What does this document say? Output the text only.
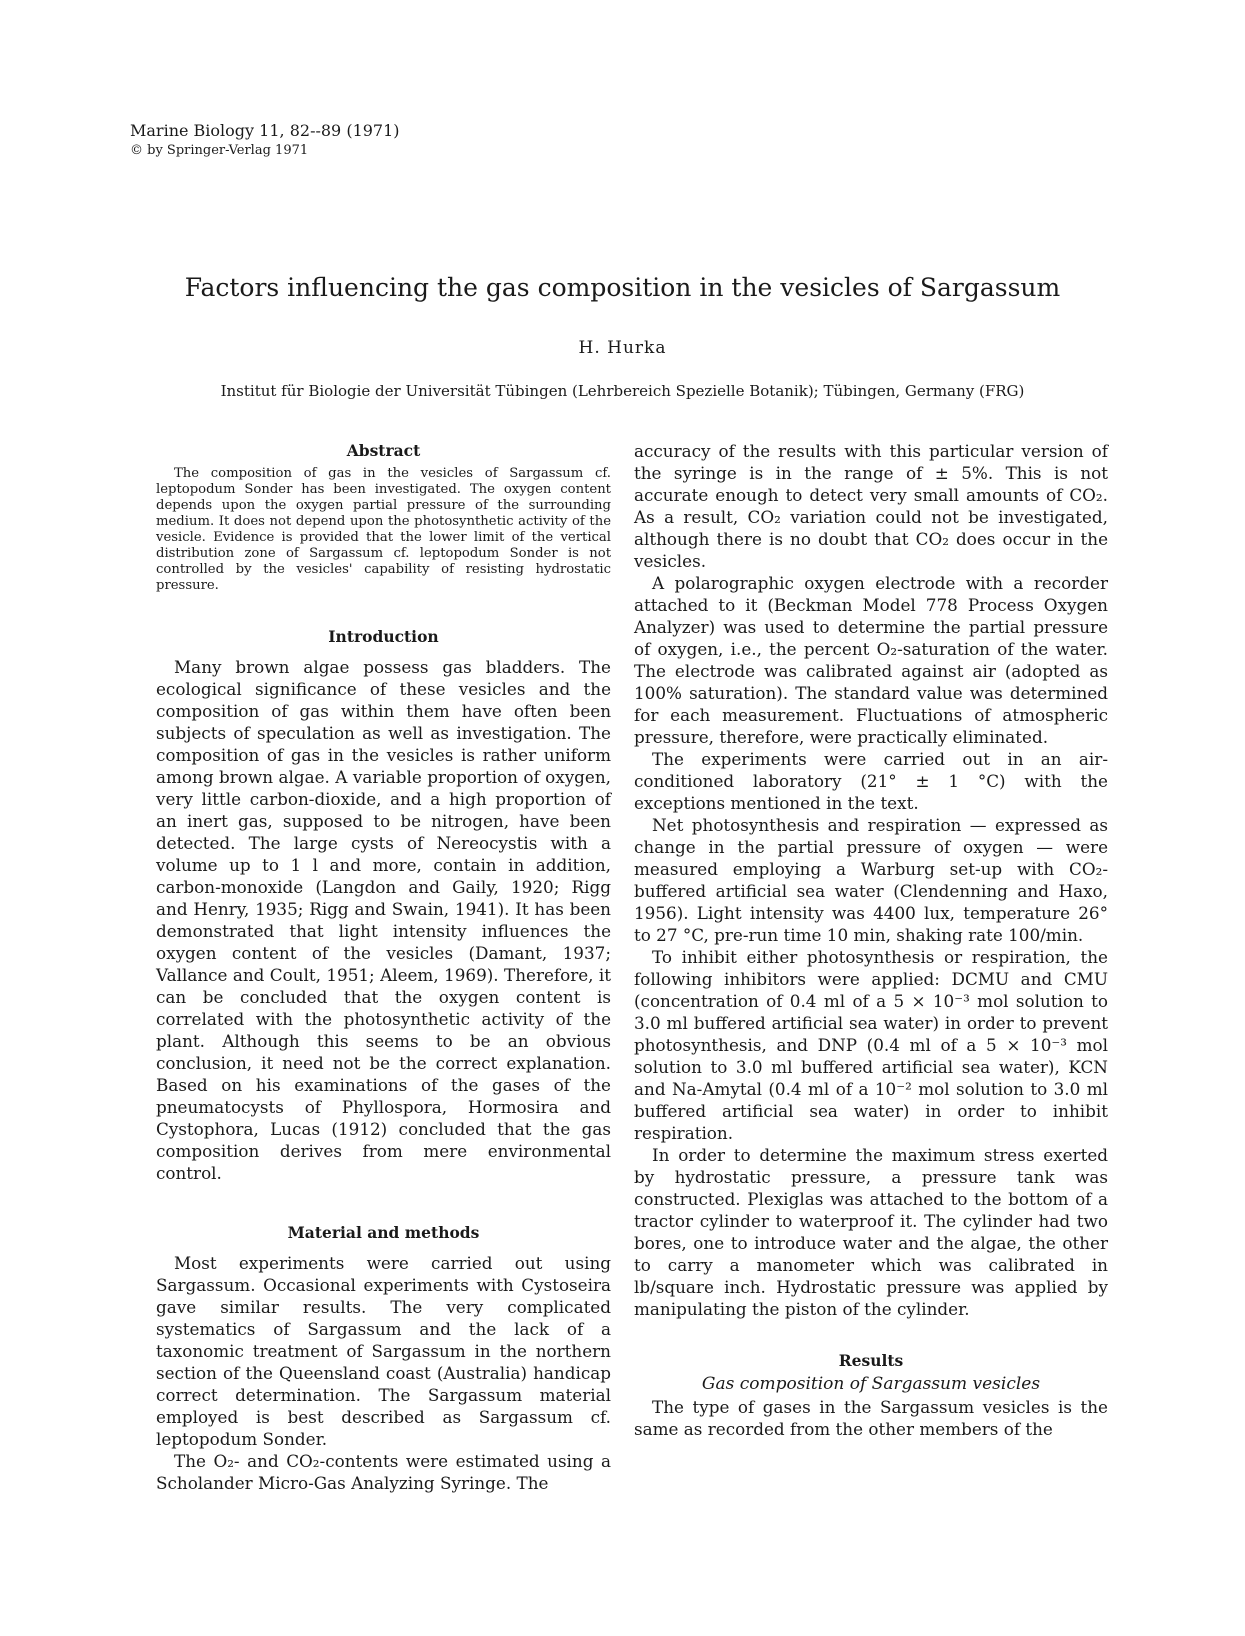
Marine Biology 11, 82--89 (1971)
© by Springer-Verlag 1971
Factors influencing the gas composition in the vesicles of Sargassum
H. Hurka
Institut für Biologie der Universität Tübingen (Lehrbereich Spezielle Botanik); Tübingen, Germany (FRG)
Abstract

The composition of gas in the vesicles of Sargassum cf. leptopodum Sonder has been investigated. The oxygen content depends upon the oxygen partial pressure of the surrounding medium. It does not depend upon the photosynthetic activity of the vesicle. Evidence is provided that the lower limit of the vertical distribution zone of Sargassum cf. leptopodum Sonder is not controlled by the vesicles' capability of resisting hydrostatic pressure.

Introduction

Many brown algae possess gas bladders. The ecological significance of these vesicles and the composition of gas within them have often been subjects of speculation as well as investigation. The composition of gas in the vesicles is rather uniform among brown algae. A variable proportion of oxygen, very little carbon-dioxide, and a high proportion of an inert gas, supposed to be nitrogen, have been detected. The large cysts of Nereocystis with a volume up to 1 l and more, contain in addition, carbon-monoxide (Langdon and Gaily, 1920; Rigg and Henry, 1935; Rigg and Swain, 1941). It has been demonstrated that light intensity influences the oxygen content of the vesicles (Damant, 1937; Vallance and Coult, 1951; Aleem, 1969). Therefore, it can be concluded that the oxygen content is correlated with the photosynthetic activity of the plant. Although this seems to be an obvious conclusion, it need not be the correct explanation. Based on his examinations of the gases of the pneumatocysts of Phyllospora, Hormosira and Cystophora, Lucas (1912) concluded that the gas composition derives from mere environmental control.

Material and methods

Most experiments were carried out using Sargassum. Occasional experiments with Cystoseira gave similar results. The very complicated systematics of Sargassum and the lack of a taxonomic treatment of Sargassum in the northern section of the Queensland coast (Australia) handicap correct determination. The Sargassum material employed is best described as Sargassum cf. leptopodum Sonder.

The O₂- and CO₂-contents were estimated using a Scholander Micro-Gas Analyzing Syringe. The

accuracy of the results with this particular version of the syringe is in the range of ± 5%. This is not accurate enough to detect very small amounts of CO₂. As a result, CO₂ variation could not be investigated, although there is no doubt that CO₂ does occur in the vesicles.

A polarographic oxygen electrode with a recorder attached to it (Beckman Model 778 Process Oxygen Analyzer) was used to determine the partial pressure of oxygen, i.e., the percent O₂-saturation of the water. The electrode was calibrated against air (adopted as 100% saturation). The standard value was determined for each measurement. Fluctuations of atmospheric pressure, therefore, were practically eliminated.

The experiments were carried out in an air-conditioned laboratory (21° ± 1 °C) with the exceptions mentioned in the text.

Net photosynthesis and respiration — expressed as change in the partial pressure of oxygen — were measured employing a Warburg set-up with CO₂-buffered artificial sea water (Clendenning and Haxo, 1956). Light intensity was 4400 lux, temperature 26° to 27 °C, pre-run time 10 min, shaking rate 100/min.

To inhibit either photosynthesis or respiration, the following inhibitors were applied: DCMU and CMU (concentration of 0.4 ml of a 5 × 10⁻³ mol solution to 3.0 ml buffered artificial sea water) in order to prevent photosynthesis, and DNP (0.4 ml of a 5 × 10⁻³ mol solution to 3.0 ml buffered artificial sea water), KCN and Na-Amytal (0.4 ml of a 10⁻² mol solution to 3.0 ml buffered artificial sea water) in order to inhibit respiration.

In order to determine the maximum stress exerted by hydrostatic pressure, a pressure tank was constructed. Plexiglas was attached to the bottom of a tractor cylinder to waterproof it. The cylinder had two bores, one to introduce water and the algae, the other to carry a manometer which was calibrated in lb/square inch. Hydrostatic pressure was applied by manipulating the piston of the cylinder.

Results
Gas composition of Sargassum vesicles

The type of gases in the Sargassum vesicles is the same as recorded from the other members of the
